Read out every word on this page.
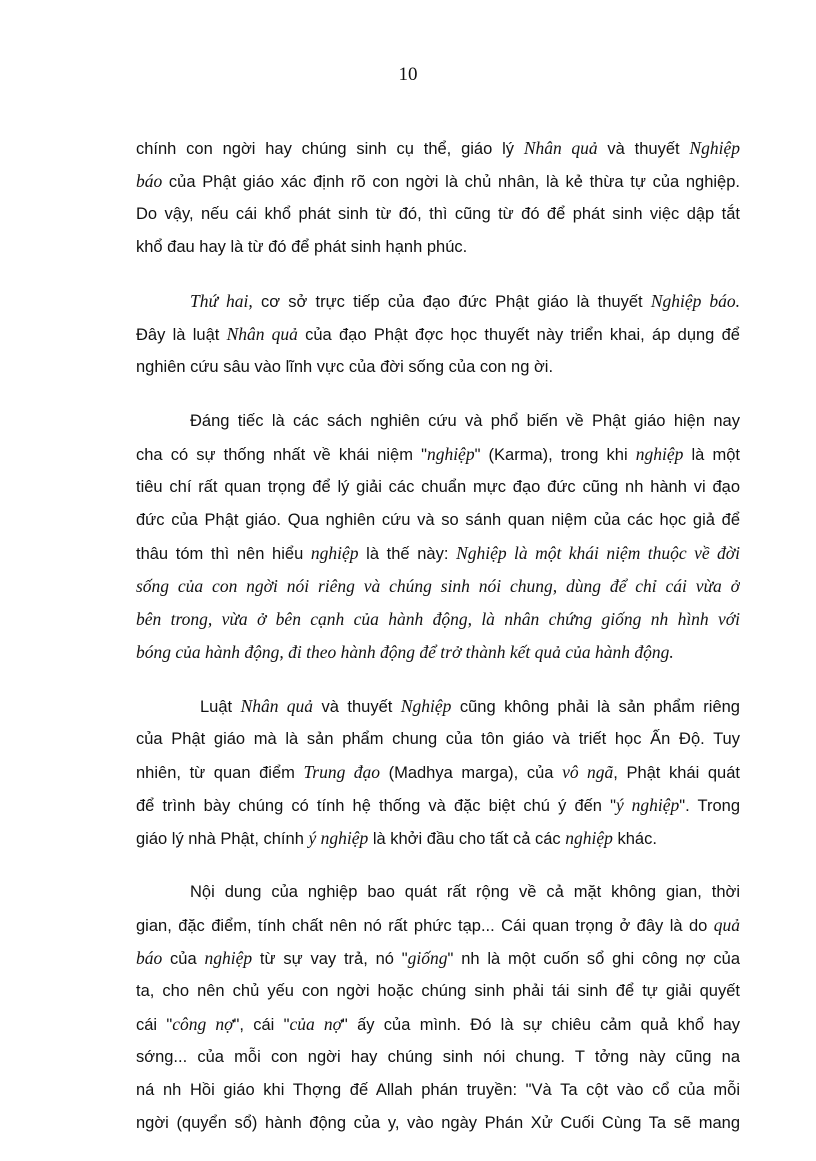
10
chính con ngời hay chúng sinh cụ thể, giáo lý Nhân quả và thuyết Nghiệp
báo của Phật giáo xác định rõ con ngời là chủ nhân, là kẻ thừa tự của nghiệp.
Do vậy, nếu cái khổ phát sinh từ đó, thì cũng từ đó để phát sinh việc dập tắt
khổ đau hay là từ đó để phát sinh hạnh phúc.
Thứ hai, cơ sở trực tiếp của đạo đức Phật giáo là thuyết Nghiệp báo.
Đây là luật Nhân quả của đạo Phật đợc học thuyết này triển khai, áp dụng để
nghiên cứu sâu vào lĩnh vực của đời sống của con ng ời.
Đáng tiếc là các sách nghiên cứu và phổ biến về Phật giáo hiện nay
cha có sự thống nhất về khái niệm "nghiệp" (Karma), trong khi nghiệp là một
tiêu chí rất quan trọng để lý giải các chuẩn mực đạo đức cũng nh hành vi đạo
đức của Phật giáo. Qua nghiên cứu và so sánh quan niệm của các học giả để
thâu tóm thì nên hiểu nghiệp là thế này: Nghiệp là một khái niệm thuộc về đời
sống của con ngời nói riêng và chúng sinh nói chung, dùng để chỉ cái vừa ở
bên trong, vừa ở bên cạnh của hành động, là nhân chứng giống nh hình với
bóng của hành động, đi theo hành động để trở thành kết quả của hành động.
Luật Nhân quả và thuyết Nghiệp cũng không phải là sản phẩm riêng
của Phật giáo mà là sản phẩm chung của tôn giáo và triết học Ấn Độ. Tuy
nhiên, từ quan điểm Trung đạo (Madhya marga), của vô ngã, Phật khái quát
để trình bày chúng có tính hệ thống và đặc biệt chú ý đến "ý nghiệp". Trong
giáo lý nhà Phật, chính ý nghiệp là khởi đầu cho tất cả các nghiệp khác.
Nội dung của nghiệp bao quát rất rộng về cả mặt không gian, thời
gian, đặc điểm, tính chất nên nó rất phức tạp... Cái quan trọng ở đây là do quả
báo của nghiệp từ sự vay trả, nó "giống" nh là một cuốn sổ ghi công nợ của
ta, cho nên chủ yếu con ngời hoặc chúng sinh phải tái sinh để tự giải quyết
cái "công nợ", cái "của nợ" ấy của mình. Đó là sự chiêu cảm quả khổ hay
sớng... của mỗi con ngời hay chúng sinh nói chung. T tởng này cũng na
ná nh Hồi giáo khi Thợng đế Allah phán truyền: "Và Ta cột vào cổ của mỗi
ngời (quyển sổ) hành động của y, vào ngày Phán Xử Cuối Cùng Ta sẽ mang
